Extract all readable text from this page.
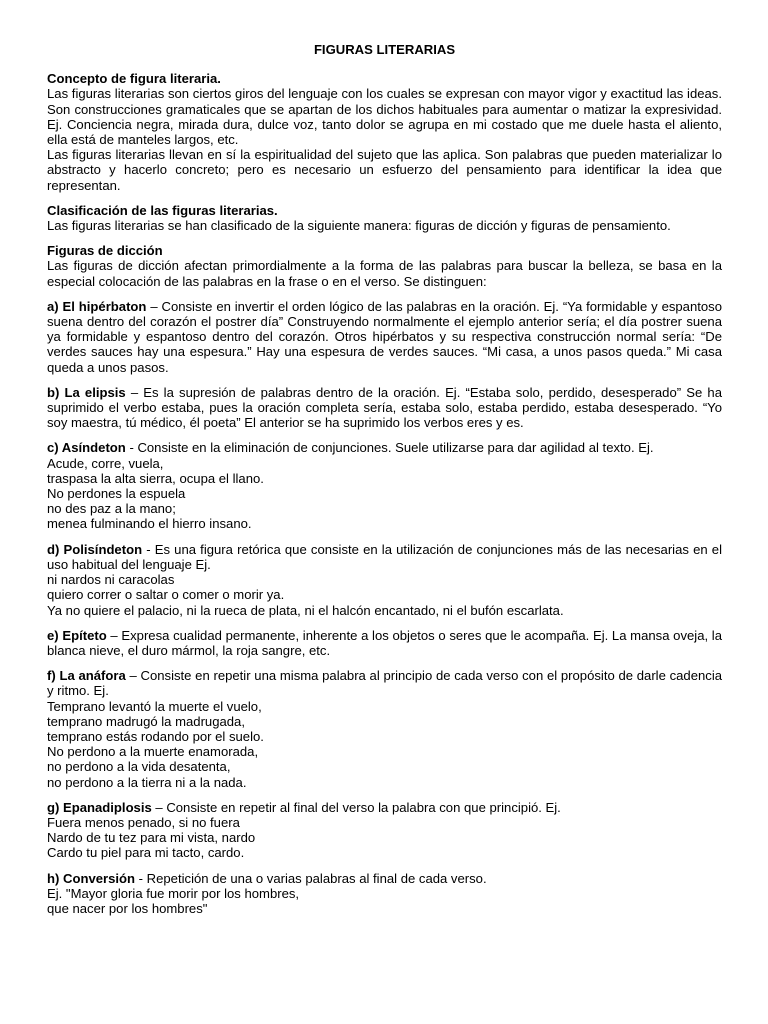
FIGURAS LITERARIAS
Concepto de figura literaria.

Las figuras literarias son ciertos giros del lenguaje con los cuales se expresan con mayor vigor y exactitud las ideas. Son construcciones gramaticales que se apartan de los dichos habituales para aumentar o matizar la expresividad. Ej. Conciencia negra, mirada dura, dulce voz, tanto dolor se agrupa en mi costado que me duele hasta el aliento, ella está de manteles largos, etc.

Las figuras literarias llevan en sí la espiritualidad del sujeto que las aplica. Son palabras que pueden materializar lo abstracto y hacerlo concreto; pero es necesario un esfuerzo del pensamiento para identificar la idea que representan.

Clasificación de las figuras literarias.

Las figuras literarias se han clasificado de la siguiente manera: figuras de dicción y figuras de pensamiento.

Figuras de dicción

Las figuras de dicción afectan primordialmente a la forma de las palabras para buscar la belleza, se basa en la especial colocación de las palabras en la frase o en el verso. Se distinguen:

a) El hipérbaton – Consiste en invertir el orden lógico de las palabras en la oración. Ej. “Ya formidable y espantoso suena dentro del corazón el postrer día” Construyendo normalmente el ejemplo anterior sería; el día postrer suena ya formidable y espantoso dentro del corazón. Otros hipérbatos y su respectiva construcción normal sería: “De verdes sauces hay una espesura.” Hay una espesura de verdes sauces. “Mi casa, a unos pasos queda.” Mi casa queda a unos pasos.
b) La elipsis – Es la supresión de palabras dentro de la oración. Ej. “Estaba solo, perdido, desesperado” Se ha suprimido el verbo estaba, pues la oración completa sería, estaba solo, estaba perdido, estaba desesperado. “Yo soy maestra, tú médico, él poeta” El anterior se ha suprimido los verbos eres y es.
c) Asíndeton - Consiste en la eliminación de conjunciones. Suele utilizarse para dar agilidad al texto. Ej.
Acude, corre, vuela,
traspasa la alta sierra, ocupa el llano.
No perdones la espuela
no des paz a la mano;
menea fulminando el hierro insano.
d) Polisíndeton - Es una figura retórica que consiste en la utilización de conjunciones más de las necesarias en el uso habitual del lenguaje Ej.
ni nardos ni caracolas
quiero correr o saltar o comer o morir ya.
Ya no quiere el palacio, ni la rueca de plata, ni el halcón encantado, ni el bufón escarlata.
e) Epíteto – Expresa cualidad permanente, inherente a los objetos o seres que le acompaña. Ej. La mansa oveja, la blanca nieve, el duro mármol, la roja sangre, etc.
f) La anáfora – Consiste en repetir una misma palabra al principio de cada verso con el propósito de darle cadencia y ritmo. Ej.
Temprano levantó la muerte el vuelo,
temprano madrugó la madrugada,
temprano estás rodando por el suelo.
No perdono a la muerte enamorada,
no perdono a la vida desatenta,
no perdono a la tierra ni a la nada.
g) Epanadiplosis – Consiste en repetir al final del verso la palabra con que principió. Ej.
Fuera menos penado, si no fuera
Nardo de tu tez para mi vista, nardo
Cardo tu piel para mi tacto, cardo.
h) Conversión - Repetición de una o varias palabras al final de cada verso.
Ej. "Mayor gloria fue morir por los hombres,
que nacer por los hombres"
